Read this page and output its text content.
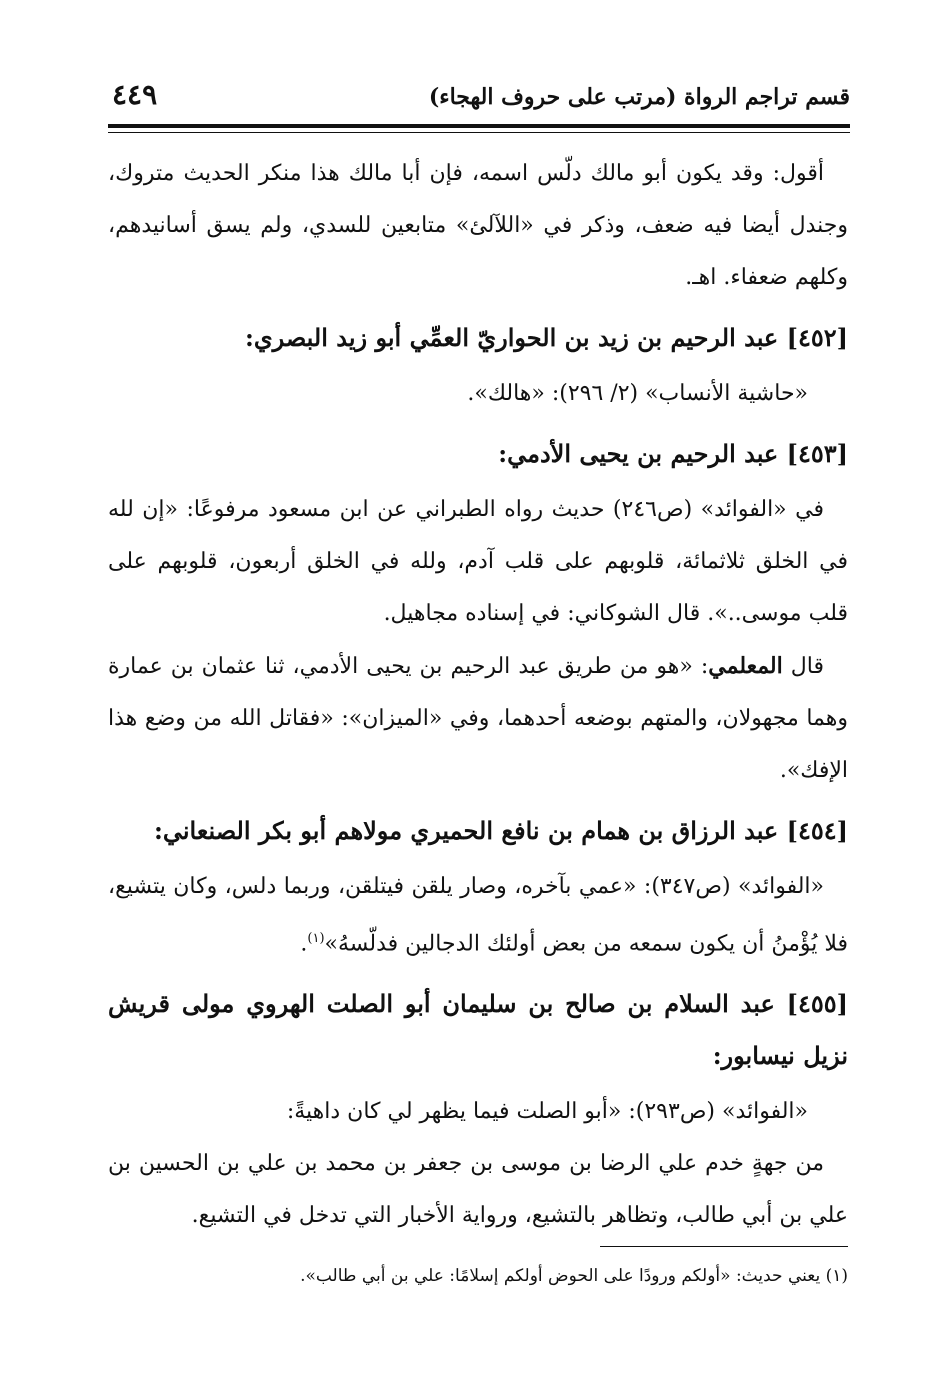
قسم تراجم الرواة (مرتب على حروف الهجاء)
٤٤٩

أقول: وقد يكون أبو مالك دلّس اسمه، فإن أبا مالك هذا منكر الحديث متروك، وجندل أيضا فيه ضعف، وذكر في «اللآلئ» متابعين للسدي، ولم يسق أسانيدهم، وكلهم ضعفاء. اهـ.

[٤٥٢] عبد الرحيم بن زيد بن الحواريّ العمِّي أبو زيد البصري:

«حاشية الأنساب» (٢/ ٢٩٦): «هالك».

[٤٥٣] عبد الرحيم بن يحيى الأدمي:

في «الفوائد» (ص٢٤٦) حديث رواه الطبراني عن ابن مسعود مرفوعًا: «إن لله في الخلق ثلاثمائة، قلوبهم على قلب آدم، ولله في الخلق أربعون، قلوبهم على قلب موسى..». قال الشوكاني: في إسناده مجاهيل.

قال المعلمي: «هو من طريق عبد الرحيم بن يحيى الأدمي، ثنا عثمان بن عمارة وهما مجهولان، والمتهم بوضعه أحدهما، وفي «الميزان»: «فقاتل الله من وضع هذا الإفك».

[٤٥٤] عبد الرزاق بن همام بن نافع الحميري مولاهم أبو بكر الصنعاني:

«الفوائد» (ص٣٤٧): «عمي بآخره، وصار يلقن فيتلقن، وربما دلس، وكان يتشيع، فلا يُؤْمنُ أن يكون سمعه من بعض أولئك الدجالين فدلّسهُ»$^{(١)}$.

[٤٥٥] عبد السلام بن صالح بن سليمان أبو الصلت الهروي مولى قريش نزيل نيسابور:

«الفوائد» (ص٢٩٣): «أبو الصلت فيما يظهر لي كان داهيةً:

من جهةٍ خدم علي الرضا بن موسى بن جعفر بن محمد بن علي بن الحسين بن علي بن أبي طالب، وتظاهر بالتشيع، ورواية الأخبار التي تدخل في التشيع.

(١) يعني حديث: «أولكم ورودًا على الحوض أولكم إسلامًا: علي بن أبي طالب».
